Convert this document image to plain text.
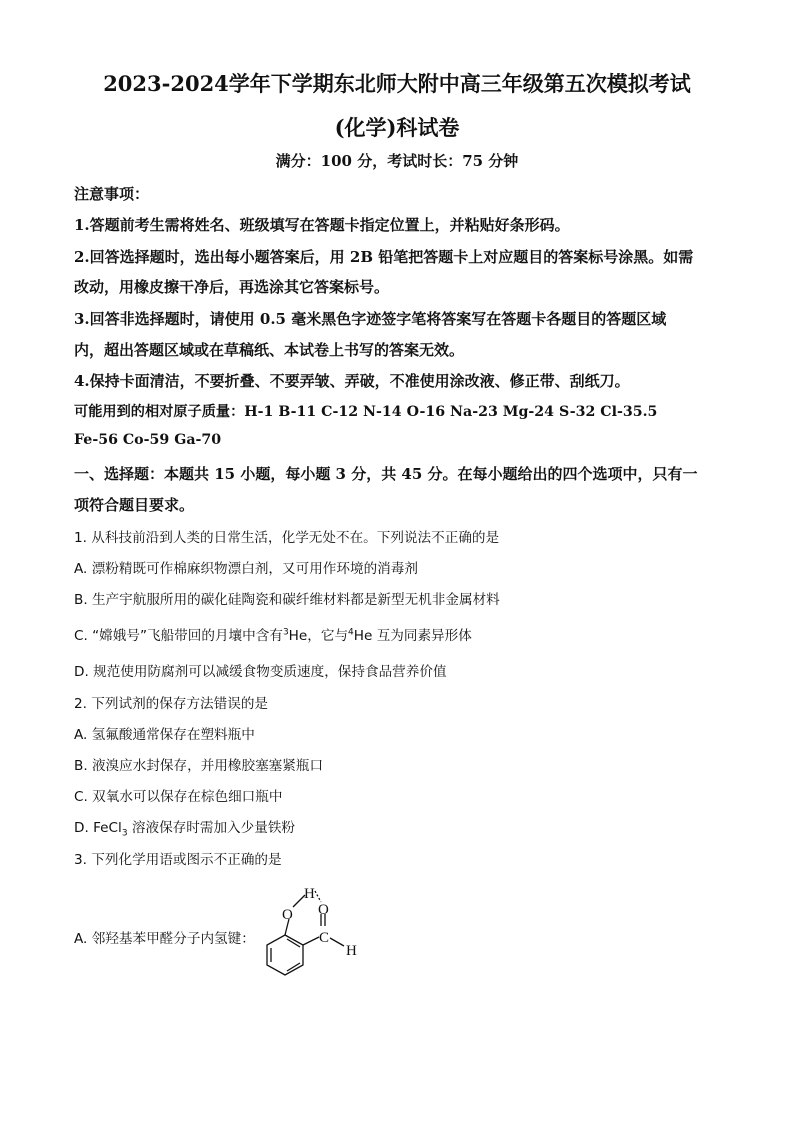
2023-2024学年下学期东北师大附中高三年级第五次模拟考试
(化学)科试卷
满分：100 分，考试时长：75 分钟
注意事项：
1.答题前考生需将姓名、班级填写在答题卡指定位置上，并粘贴好条形码。
2.回答选择题时，选出每小题答案后，用 2B 铅笔把答题卡上对应题目的答案标号涂黑。如需
改动，用橡皮擦干净后，再选涂其它答案标号。
3.回答非选择题时，请使用 0.5 毫米黑色字迹签字笔将答案写在答题卡各题目的答题区域
内，超出答题区域或在草稿纸、本试卷上书写的答案无效。
4.保持卡面清洁，不要折叠、不要弄皱、弄破，不准使用涂改液、修正带、刮纸刀。
可能用到的相对原子质量：H-1 B-11 C-12 N-14 O-16 Na-23 Mg-24 S-32 Cl-35.5
Fe-56 Co-59 Ga-70
一、选择题：本题共 15 小题，每小题 3 分，共 45 分。在每小题给出的四个选项中，只有一
项符合题目要求。
1. 从科技前沿到人类的日常生活，化学无处不在。下列说法不正确的是
A. 漂粉精既可作棉麻织物漂白剂，又可用作环境的消毒剂
B. 生产宇航服所用的碳化硅陶瓷和碳纤维材料都是新型无机非金属材料
C. “嫦娥号”飞船带回的月壤中含有$^3$He，它与$^4$He 互为同素异形体
D. 规范使用防腐剂可以减缓食物变质速度，保持食品营养价值
2. 下列试剂的保存方法错误的是
A. 氢氟酸通常保存在塑料瓶中
B. 液溴应水封保存，并用橡胶塞塞紧瓶口
C. 双氧水可以保存在棕色细口瓶中
D. FeCl$_3$ 溶液保存时需加入少量铁粉
3. 下列化学用语或图示不正确的是
A. 邻羟基苯甲醛分子内氢键：
H
O O
C
H
